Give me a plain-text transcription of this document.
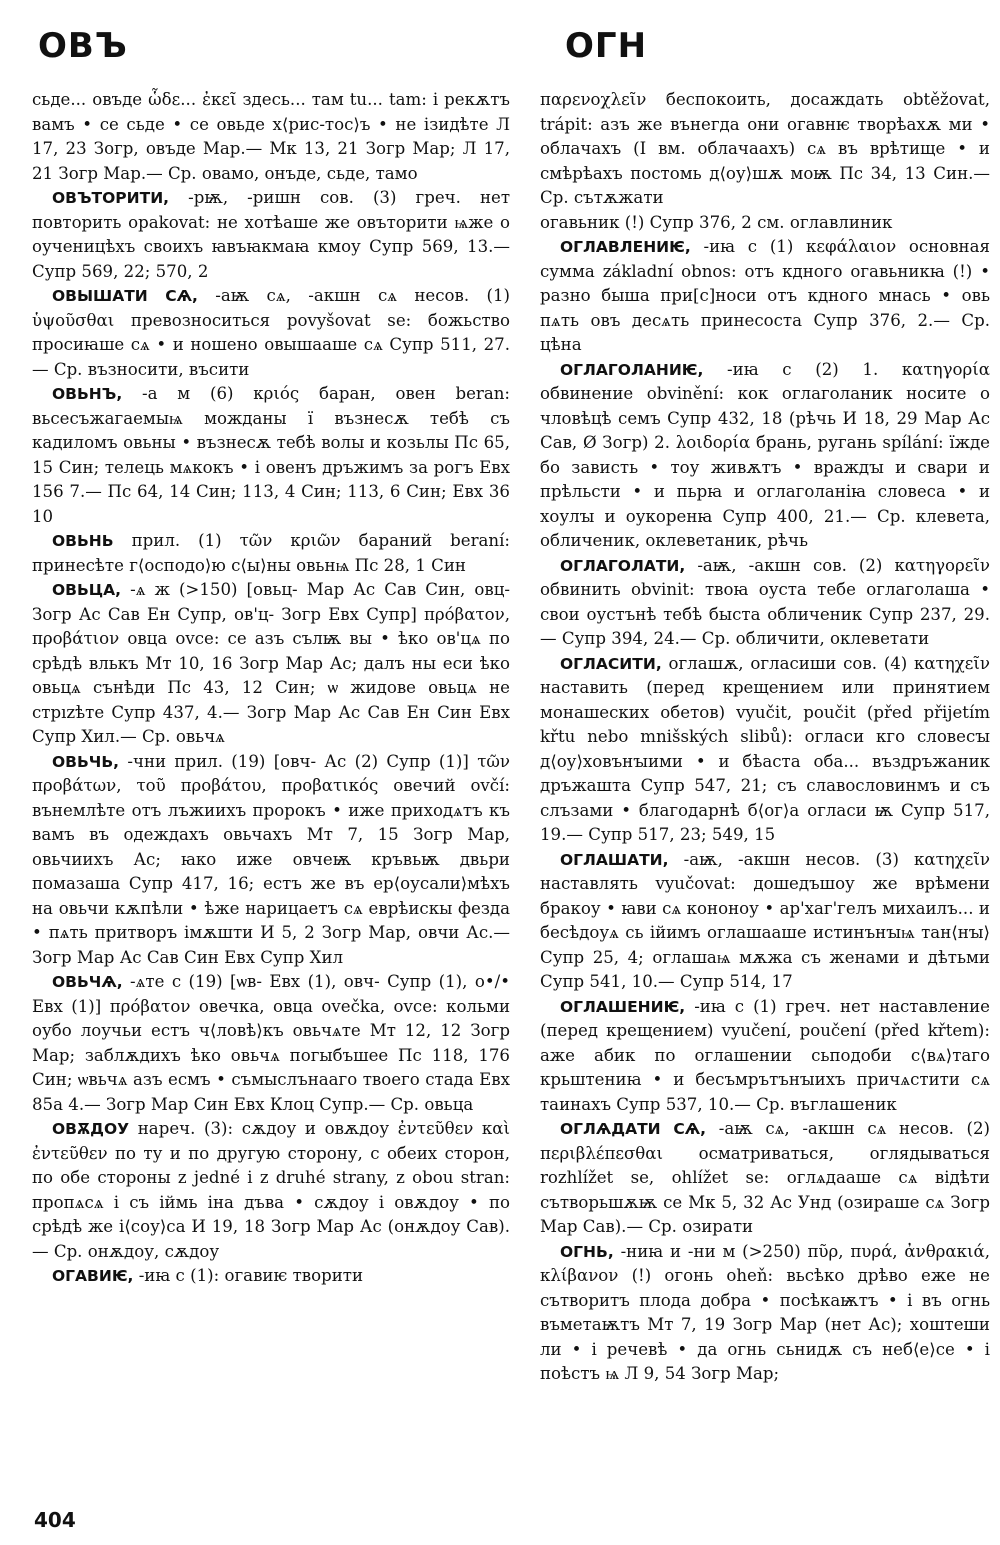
ОВЪ	ОГН

сьде... овъде ὧδε... ἐκεῖ здесь... там tu... tam: і рекѫтъ вамъ • се сьде • се овьде х⟨рис-тос⟩ъ • не ізидѣте Л 17, 23 Зогр, овъде Мар.— Мк 13, 21 Зогр Мар; Л 17, 21 Зогр Мар.— Ср. овамо, онъде, сьде, тамо

ОВЪТОРИТИ, -рѭ, -ришн сов. (3) греч. нет повторить opakovat: не хотѣаше же овъторити ѩже о оученицѣхъ своихъ ꙗвъꙗкмаꙗ кмоу Супр 569, 13.— Супр 569, 22; 570, 2

ОВЫШАТИ СѦ, -аѭ сѧ, -акшн сѧ несов. (1) ὑψοῦσθαι превозноситься povyšovat se: божьство просиꙗше сѧ • и ношено овышааше сѧ Супр 511, 27.— Ср. възносити, въсити

ОВЬНЪ, -а м (6) κριός баран, овен beran: вьсесъжагаемыѩ можданы ї възнесѫ тебѣ съ кадиломъ овьны • възнесѫ тебѣ волы и козьлы Пс 65, 15 Син; телець мѧкокъ • і овенъ дръжимъ за рогъ Евх 156 7.— Пс 64, 14 Син; 113, 4 Син; 113, 6 Син; Евх 36 10

ОВЬНЬ прил. (1) τῶν κριῶν бараний beraní: принесѣте г⟨осподо⟩ю с⟨ы⟩ны овьнѩ Пс 28, 1 Син

ОВЬЦА, -ѧ ж (>150) [овьц- Мар Ас Сав Син, овц- Зогр Ас Сав Ен Супр, ов'ц- Зогр Евх Супр] πρόβατον, προβάτιον овца ovce: се азъ сълѭ вы • ѣко ов'цѧ по срѣдѣ влькъ Мт 10, 16 Зогр Мар Ас; далъ ны еси ѣко овьцѧ сънѣди Пс 43, 12 Син; ѡ жидове овьцѧ не стрızѣте Супр 437, 4.— Зогр Мар Ас Сав Ен Син Евх Супр Хил.— Ср. овьчѧ

ОВЬЧЬ, -чни прил. (19) [овч- Ас (2) Супр (1)] τῶν προβάτων, τοῦ προβάτου, προβατικός овечий ovčí: вънемлѣте отъ лъжиихъ пророкъ • иже приходѧтъ къ вамъ въ одеждахъ овьчахъ Мт 7, 15 Зогр Мар, овьчиихъ Ас; ꙗко иже овчеѭ кръвьѭ двьри помазаша Супр 417, 16; естъ же въ ер⟨оусали⟩мѣхъ на овьчи кѫпѣли • ѣже нарицаетъ сѧ еврѣискы фезда • пѧть притворъ імѫшти И 5, 2 Зогр Мар, овчи Ас.— Зогр Мар Ас Сав Син Евх Супр Хил

ОВЬЧѦ, -ѧте с (19) [ѡв- Евх (1), овч- Супр (1), о•/• Евх (1)] πρόβατον овечка, овца ovečka, ovce: кольми оубо лоучьи естъ ч⟨ловѣ⟩къ овьчѧте Мт 12, 12 Зогр Мар; заблѫдихъ ѣко овьчѧ погыбъшее Пс 118, 176 Син; ѡвьчѧ азъ есмъ • съмыслънааго твоего стада Евх 85а 4.— Зогр Мар Син Евх Клоц Супр.— Ср. овьца

ОВѪДОУ нареч. (3): сѫдоу и овѫдоу ἐντεῦθεν καὶ ἐντεῦθεν по ту и по другую сторону, с обеих сторон, по обе стороны z jedné i z druhé strany, z obou stran: пропѧсѧ і съ іймь іна дъва • сѫдоу і овѫдоу • по срѣдѣ же і⟨соу⟩са И 19, 18 Зогр Мар Ас (онѫдоу Сав).— Ср. онѫдоу, сѫдоу

ОГАВИѤ, -иꙗ с (1): огавиѥ творити

παρενοχλεῖν беспокоить, досаждать obtěžovat, trápit: азъ же вънегда они огавнѥ творѣахѫ ми • облачахъ (І вм. облачаахъ) сѧ въ врѣтище • и смѣрѣахъ постомь д⟨оу⟩шѫ моѭ Пс 34, 13 Син.— Ср. сътѫжати

огавьник (!) Супр 376, 2 см. оглавлиник

ОГЛАВЛЕНИѤ, -иꙗ с (1) κεφάλαιον основная сумма základní obnos: отъ кдного огавьникꙗ (!) • разно быша при[с]носи отъ кдного мнась • овь пѧть овъ десѧть принесоста Супр 376, 2.— Ср. цѣна

ОГЛАГОЛАНИѤ, -иꙗ с (2) 1. κατηγορία обвинение obvinění: кок оглаголаник носите о чловѣцѣ семъ Супр 432, 18 (рѣчь И 18, 29 Мар Ас Сав, Ø Зогр) 2. λοιδορία брань, ругань spílání: їжде бо зависть • тоу живѫтъ • враждꙑ и свари и прѣльсти • и пьрꙗ и оглаголаніꙗ словеса • и хоулꙑ и оукоренꙗ Супр 400, 21.— Ср. клевета, обличеник, оклеветаник, рѣчь

ОГЛАГОЛАТИ, -аѭ, -акшн сов. (2) κατηγορεῖν обвинить obvinit: твоꙗ оуста тебе оглаголаша • свои оустънѣ тебѣ быста обличеник Супр 237, 29.— Супр 394, 24.— Ср. обличити, оклеветати

ОГЛАСИТИ, оглашѫ, огласиши сов. (4) κατηχεῖν наставить (перед крещением или принятием монашеских обетов) vyučit, poučit (před přijetím křtu nebo mnišských slibů): огласи кго словесꙑ д⟨оу⟩ховънꙑими • и бѣаста оба... въздръжаник дръжашта Супр 547, 21; съ славословинмъ и съ слъзами • благодарнѣ б⟨ог⟩а огласи ѭ Супр 517, 19.— Супр 517, 23; 549, 15

ОГЛАШАТИ, -аѭ, -акшн несов. (3) κατηχεῖν наставлять vyučovat: дошедъшоу же врѣмени бракоу • ꙗви сѧ кононоу • ар'хаг'гелъ михаилъ... и бесѣдоуѧ сь ійимъ оглашааше истинънꙑѩ тан⟨нꙑ⟩ Супр 25, 4; оглашаѩ мѫжа съ женами и дѣтьми Супр 541, 10.— Супр 514, 17

ОГЛАШЕНИѤ, -иꙗ с (1) греч. нет наставление (перед крещением) vyučení, poučení (před křtem): аже абик по оглашении сьподоби с⟨вѧ⟩таго крьштениꙗ • и бесъмрътънꙑихъ причѧстити сѧ таинахъ Супр 537, 10.— Ср. въглашеник

ОГЛѦДАТИ СѦ, -аѭ сѧ, -акшн сѧ несов. (2) περιβλέπεσθαι осматриваться, оглядываться rozhlížet se, ohlížet se: оглѧдааше сѧ відѣти сътворьшѫѭ се Мк 5, 32 Ас Унд (озираше сѧ Зогр Мар Сав).— Ср. озирати

ОГНЬ, -ниꙗ и -ни м (>250) πῦρ, πυρά, ἀνθρακιά, κλίβανον (!) огонь oheň: вьсѣко дрѣво еже не сътворитъ плода добра • посѣкаѭтъ • і въ огнь въметаѭтъ Мт 7, 19 Зогр Мар (нет Ас); хоштеши ли • і речевѣ • да огнь сьнидѫ съ неб⟨е⟩се • і поѣстъ ѩ Л 9, 54 Зогр Мар;

404
